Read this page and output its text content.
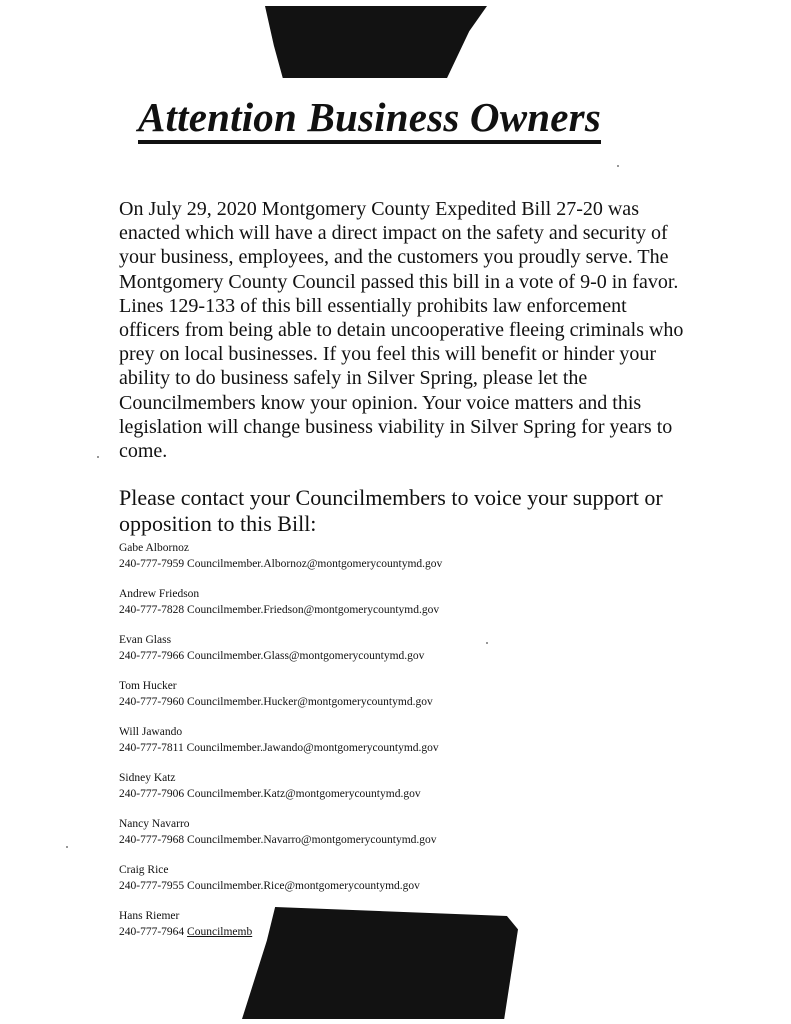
Attention Business Owners

On July 29, 2020 Montgomery County Expedited Bill 27-20 was enacted which will have a direct impact on the safety and security of your business, employees, and the customers you proudly serve. The Montgomery County Council passed this bill in a vote of 9-0 in favor. Lines 129-133 of this bill essentially prohibits law enforcement officers from being able to detain uncooperative fleeing criminals who prey on local businesses. If you feel this will benefit or hinder your ability to do business safely in Silver Spring, please let the Councilmembers know your opinion. Your voice matters and this legislation will change business viability in Silver Spring for years to come.

Please contact your Councilmembers to voice your support or opposition to this Bill:

Gabe Albornoz
240-777-7959 Councilmember.Albornoz@montgomerycountymd.gov
Andrew Friedson
240-777-7828 Councilmember.Friedson@montgomerycountymd.gov
Evan Glass
240-777-7966 Councilmember.Glass@montgomerycountymd.gov
Tom Hucker
240-777-7960 Councilmember.Hucker@montgomerycountymd.gov
Will Jawando
240-777-7811 Councilmember.Jawando@montgomerycountymd.gov
Sidney Katz
240-777-7906 Councilmember.Katz@montgomerycountymd.gov
Nancy Navarro
240-777-7968 Councilmember.Navarro@montgomerycountymd.gov
Craig Rice
240-777-7955 Councilmember.Rice@montgomerycountymd.gov
Hans Riemer
240-777-7964 Councilmemb
